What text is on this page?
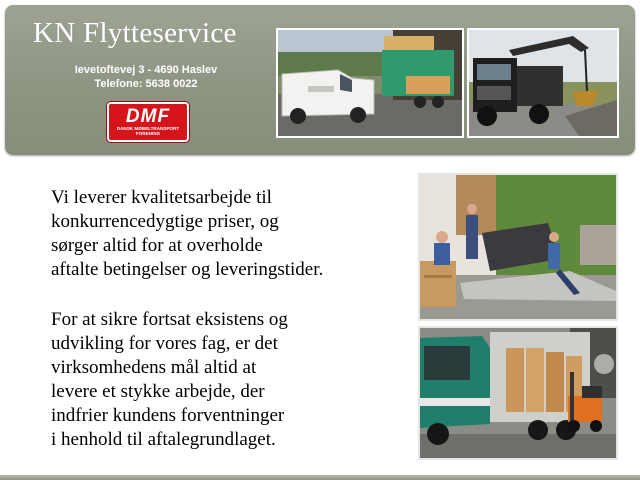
KN Flytteservice
Ievetoftevej 3 - 4690 Haslev
Telefone: 5638 0022
DMF
DANSK MØBELTRANSPORT
FORENING

Vi leverer kvalitetsarbejde til
konkurrencedygtige priser, og
sørger altid for at overholde
aftalte betingelser og leveringstider.

For at sikre fortsat eksistens og
udvikling for vores fag, er det
virksomhedens mål altid at
levere et stykke arbejde, der
indfrier kundens forventninger
i henhold til aftalegrundlaget.
